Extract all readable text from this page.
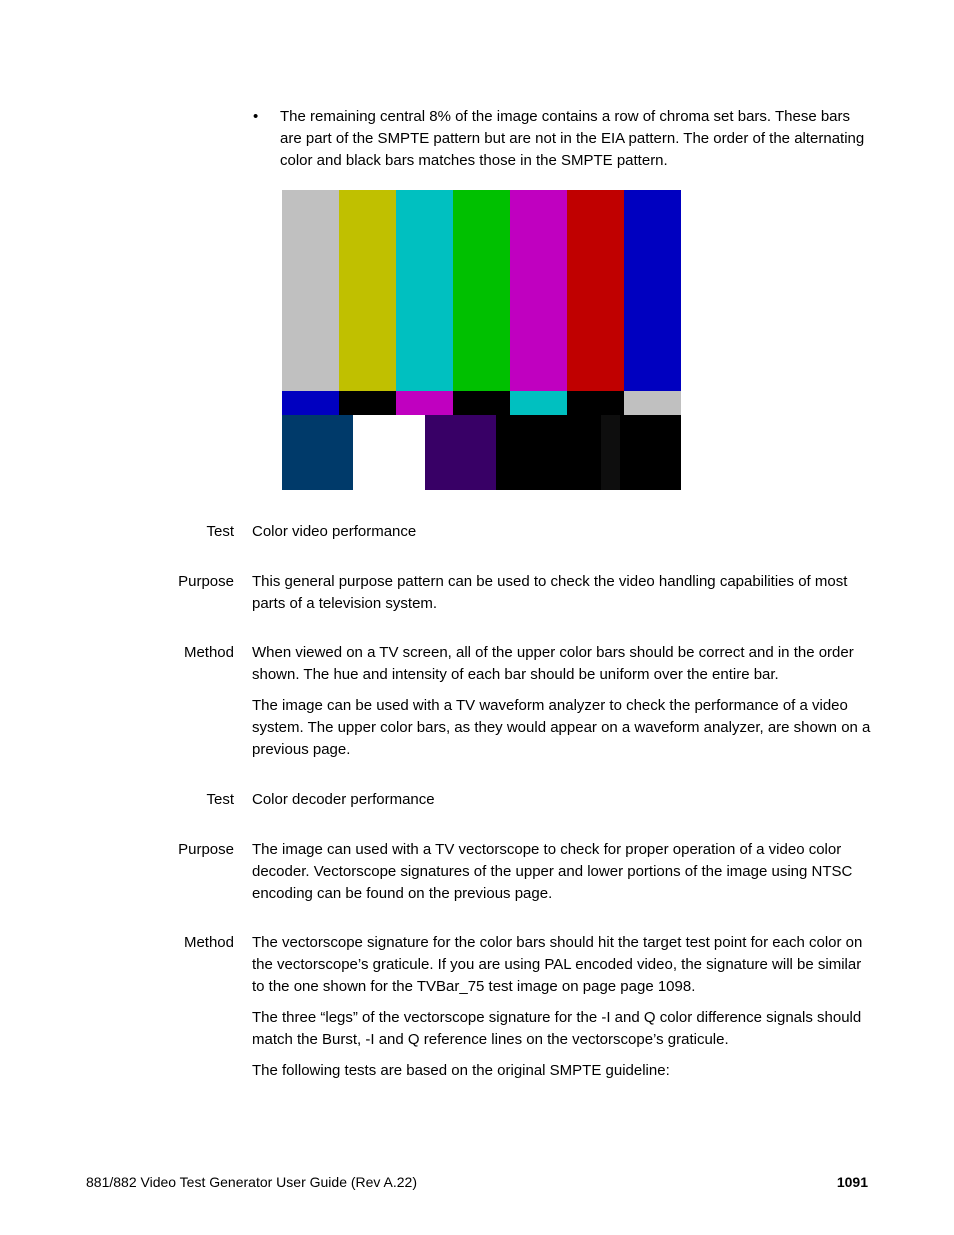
• The remaining central 8% of the image contains a row of chroma set bars. These bars are part of the SMPTE pattern but are not in the EIA pattern. The order of the alternating color and black bars matches those in the SMPTE pattern.
Test Color video performance

Purpose This general purpose pattern can be used to check the video handling capabilities of most parts of a television system.

Method When viewed on a TV screen, all of the upper color bars should be correct and in the order shown. The hue and intensity of each bar should be uniform over the entire bar.

The image can be used with a TV waveform analyzer to check the performance of a video system. The upper color bars, as they would appear on a waveform analyzer, are shown on a previous page.

Test Color decoder performance

Purpose The image can used with a TV vectorscope to check for proper operation of a video color decoder. Vectorscope signatures of the upper and lower portions of the image using NTSC encoding can be found on the previous page.

Method The vectorscope signature for the color bars should hit the target test point for each color on the vectorscope’s graticule. If you are using PAL encoded video, the signature will be similar to the one shown for the TVBar_75 test image on page page 1098.

The three “legs” of the vectorscope signature for the -I and Q color difference signals should match the Burst, -I and Q reference lines on the vectorscope’s graticule.

The following tests are based on the original SMPTE guideline:

881/882 Video Test Generator User Guide (Rev A.22)	1091
